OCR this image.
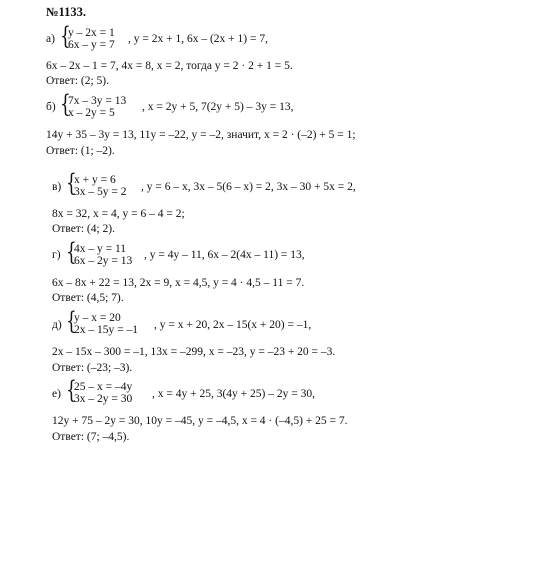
№1133.
а) {
y – 2x = 1
6x – y = 7 , y = 2x + 1, 6x – (2x + 1) = 7,
6x – 2x – 1 = 7, 4x = 8, x = 2, тогда y = 2 · 2 + 1 = 5.
Ответ: (2; 5).
б) {
7x – 3y = 13
x – 2y = 5 , x = 2y + 5, 7(2y + 5) – 3y = 13,
14y + 35 – 3y = 13, 11y = –22, y = –2, значит, x = 2 · (–2) + 5 = 1;
Ответ: (1; –2).
в) {
x + y = 6
3x – 5y = 2 , y = 6 – x, 3x – 5(6 – x) = 2, 3x – 30 + 5x = 2,
8x = 32, x = 4, y = 6 – 4 = 2;
Ответ: (4; 2).
г) {
4x – y = 11
6x – 2y = 13 , y = 4y – 11, 6x – 2(4x – 11) = 13,
6x – 8x + 22 = 13, 2x = 9, x = 4,5, y = 4 · 4,5 – 11 = 7.
Ответ: (4,5; 7).
д) {
y – x = 20
2x – 15y = –1 , y = x + 20, 2x – 15(x + 20) = –1,
2x – 15x – 300 = –1, 13x = –299, x = –23, y = –23 + 20 = –3.
Ответ: (–23; –3).
е) {
25 – x = –4y
3x – 2y = 30 , x = 4y + 25, 3(4y + 25) – 2y = 30,
12y + 75 – 2y = 30, 10y = –45, y = –4,5, x = 4 · (–4,5) + 25 = 7.
Ответ: (7; –4,5).
